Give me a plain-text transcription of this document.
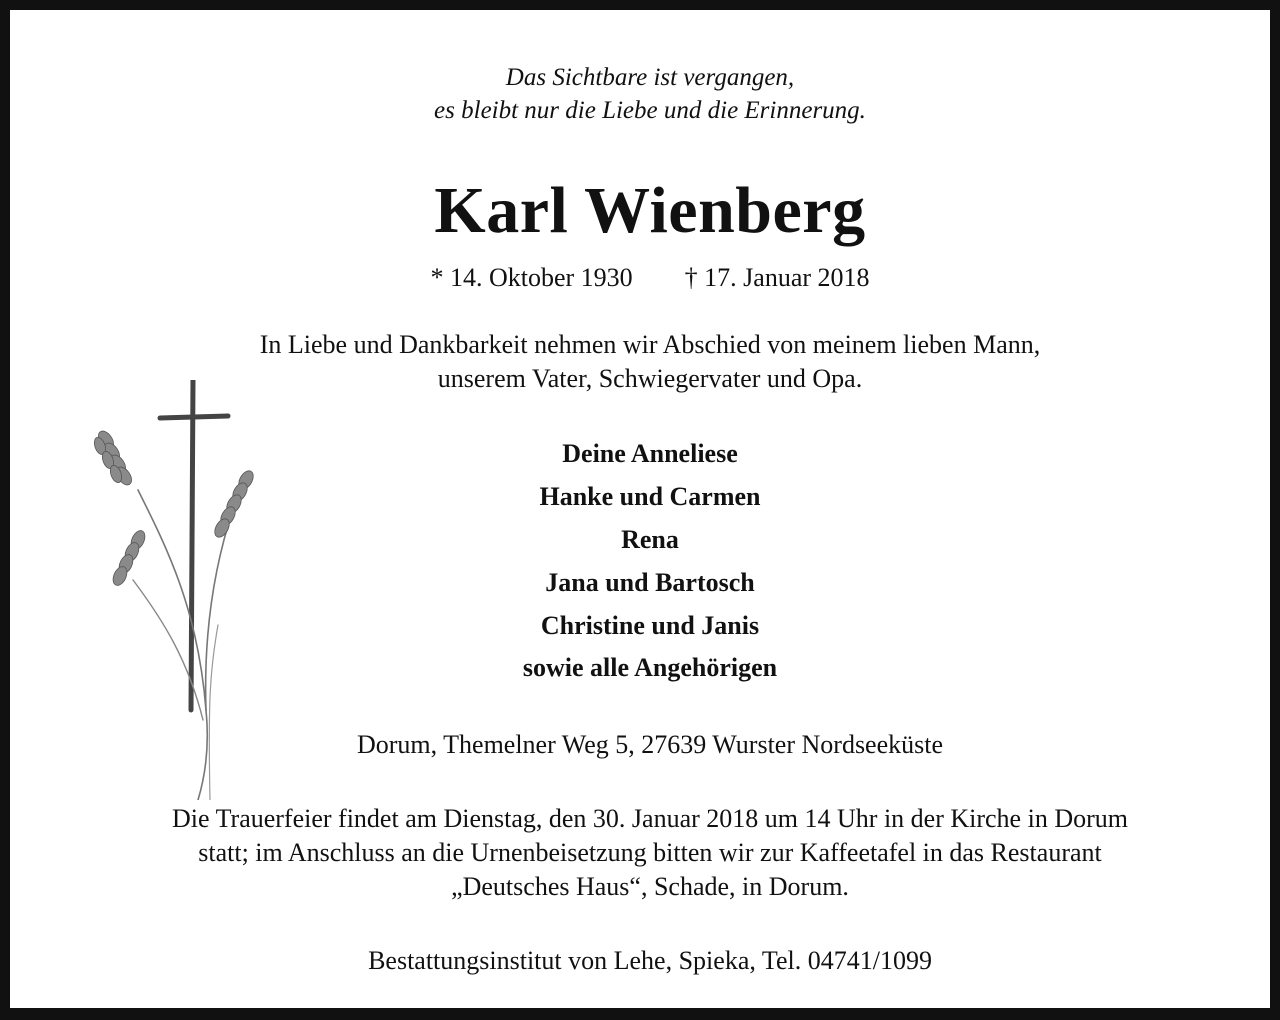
Das Sichtbare ist vergangen,
es bleibt nur die Liebe und die Erinnerung.
Karl Wienberg
* 14. Oktober 1930 † 17. Januar 2018
In Liebe und Dankbarkeit nehmen wir Abschied von meinem lieben Mann,
unserem Vater, Schwiegervater und Opa.
Deine Anneliese
Hanke und Carmen
Rena
Jana und Bartosch
Christine und Janis
sowie alle Angehörigen
Dorum, Themelner Weg 5, 27639 Wurster Nordseeküste
Die Trauerfeier findet am Dienstag, den 30. Januar 2018 um 14 Uhr in der Kirche in Dorum
statt; im Anschluss an die Urnenbeisetzung bitten wir zur Kaffeetafel in das Restaurant
„Deutsches Haus“, Schade, in Dorum.
Bestattungsinstitut von Lehe, Spieka, Tel. 04741/1099
